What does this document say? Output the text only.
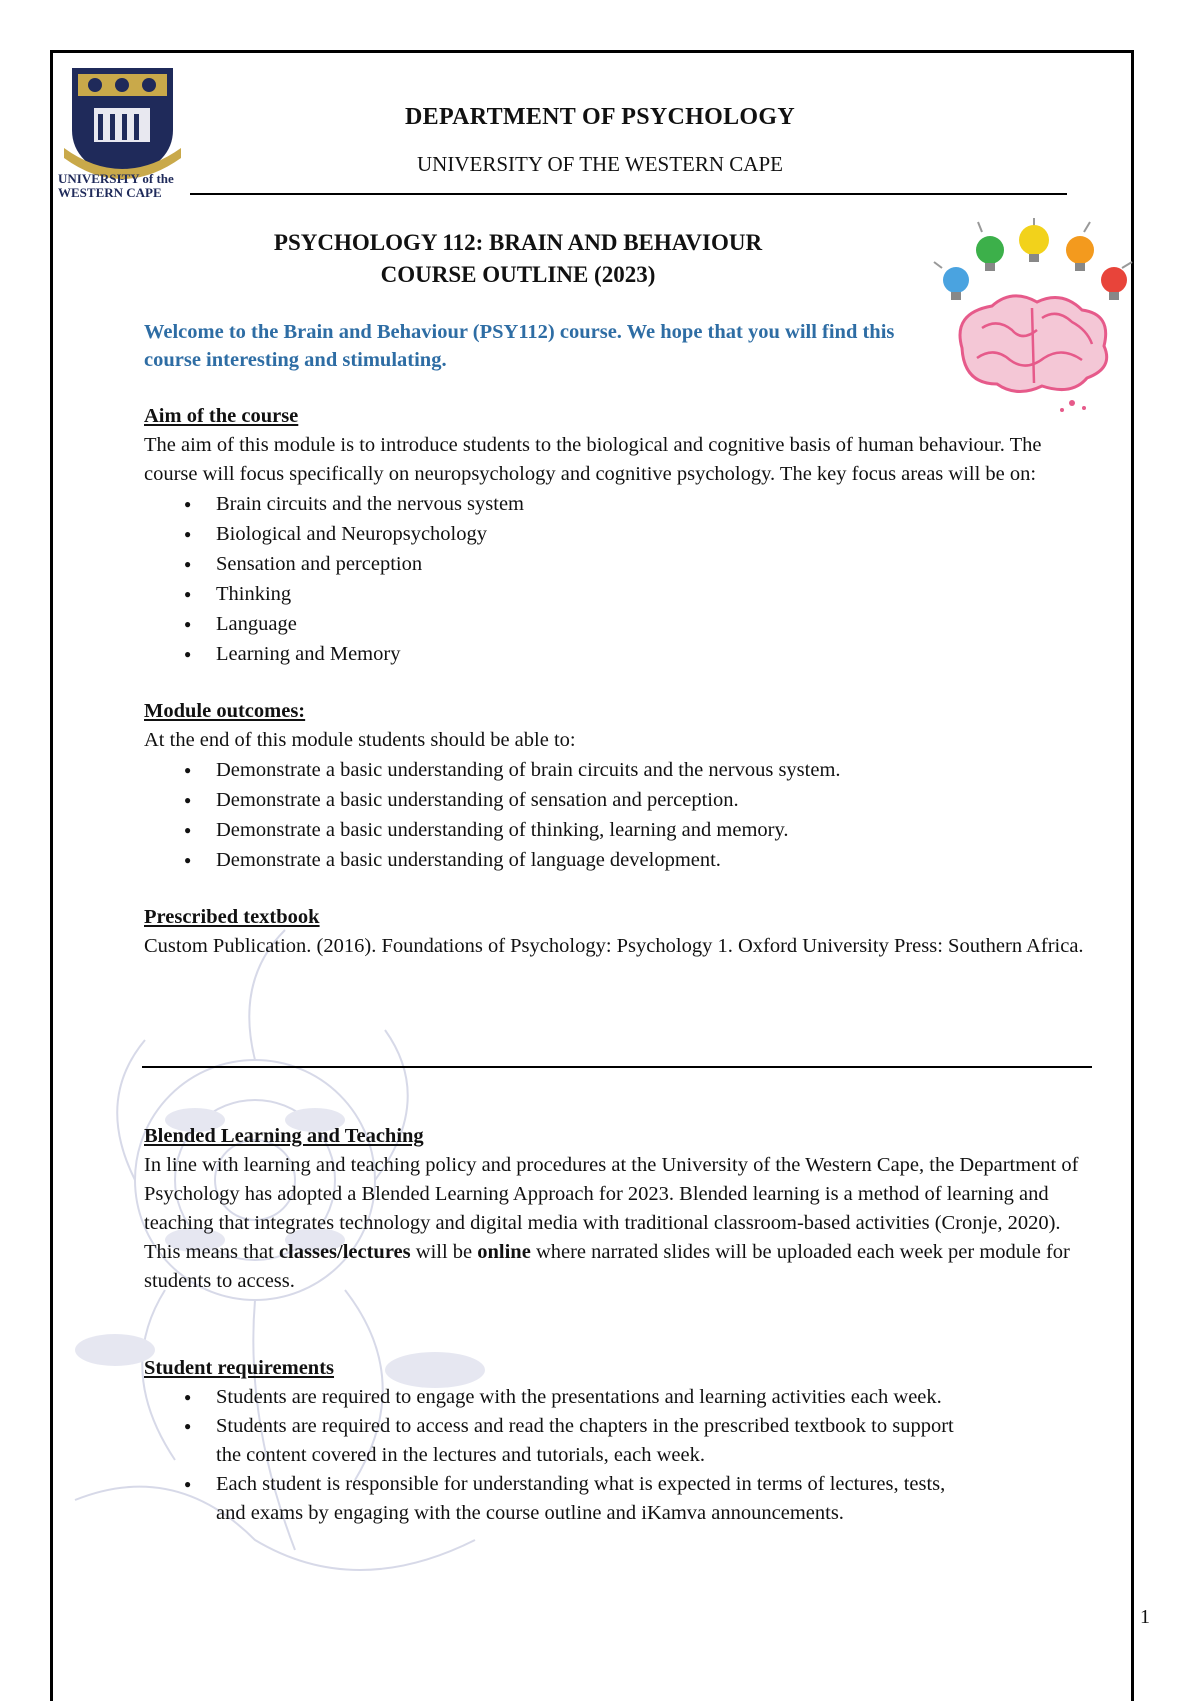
UNIVERSITY of the
WESTERN CAPE
DEPARTMENT OF PSYCHOLOGY
UNIVERSITY OF THE WESTERN CAPE
PSYCHOLOGY 112: BRAIN AND BEHAVIOUR
COURSE OUTLINE (2023)
Welcome to the Brain and Behaviour (PSY112) course. We hope that you will find this course interesting and stimulating.
Aim of the course

The aim of this module is to introduce students to the biological and cognitive basis of human behaviour. The course will focus specifically on neuropsychology and cognitive psychology. The key focus areas will be on:

● Brain circuits and the nervous system
● Biological and Neuropsychology
● Sensation and perception
● Thinking
● Language
● Learning and Memory
Module outcomes:

At the end of this module students should be able to:

● Demonstrate a basic understanding of brain circuits and the nervous system.
● Demonstrate a basic understanding of sensation and perception.
● Demonstrate a basic understanding of thinking, learning and memory.
● Demonstrate a basic understanding of language development.
Prescribed textbook

Custom Publication. (2016). Foundations of Psychology: Psychology 1. Oxford University Press: Southern Africa.

Blended Learning and Teaching

In line with learning and teaching policy and procedures at the University of the Western Cape, the Department of Psychology has adopted a Blended Learning Approach for 2023. Blended learning is a method of learning and teaching that integrates technology and digital media with traditional classroom-based activities (Cronje, 2020). This means that classes/lectures will be online where narrated slides will be uploaded each week per module for students to access.

Student requirements
● Students are required to engage with the presentations and learning activities each week.
● Students are required to access and read the chapters in the prescribed textbook to support the content covered in the lectures and tutorials, each week.
● Each student is responsible for understanding what is expected in terms of lectures, tests, and exams by engaging with the course outline and iKamva announcements.
1
